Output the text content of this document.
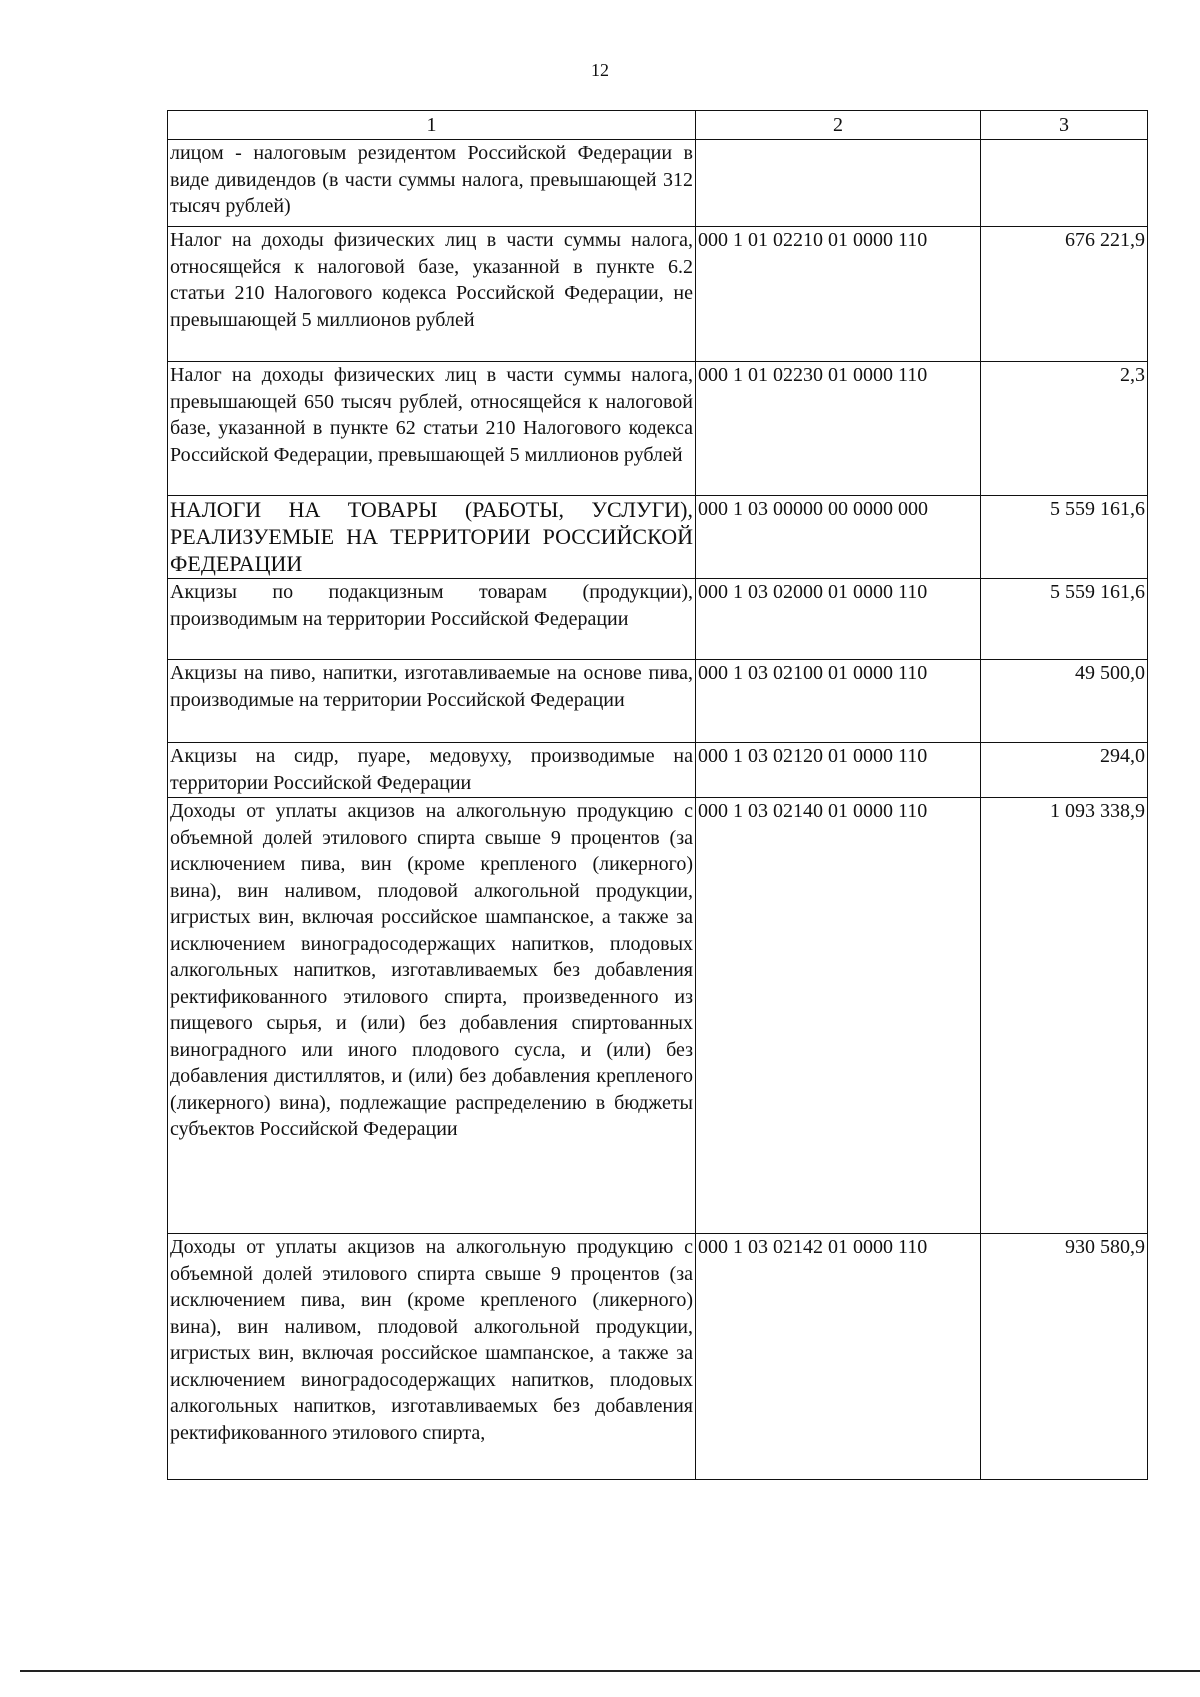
12
1	2	3
лицом - налоговым резидентом Российской Федерации в виде дивидендов (в части суммы налога, превышающей 312 тысяч рублей)		
Налог на доходы физических лиц в части суммы налога, относящейся к налоговой базе, указанной в пункте 6.2 статьи 210 Налогового кодекса Российской Федерации, не превышающей 5 миллионов рублей	000 1 01 02210 01 0000 110	676 221,9
Налог на доходы физических лиц в части суммы налога, превышающей 650 тысяч рублей, относящейся к налоговой базе, указанной в пункте 62 статьи 210 Налогового кодекса Российской Федерации, превышающей 5 миллионов рублей	000 1 01 02230 01 0000 110	2,3
НАЛОГИ НА ТОВАРЫ (РАБОТЫ, УСЛУГИ), РЕАЛИЗУЕМЫЕ НА ТЕРРИТОРИИ РОССИЙСКОЙ ФЕДЕРАЦИИ	000 1 03 00000 00 0000 000	5 559 161,6
Акцизы по подакцизным товарам (продукции), производимым на территории Российской Федерации	000 1 03 02000 01 0000 110	5 559 161,6
Акцизы на пиво, напитки, изготавливаемые на основе пива, производимые на территории Российской Федерации	000 1 03 02100 01 0000 110	49 500,0
Акцизы на сидр, пуаре, медовуху, производимые на территории Российской Федерации	000 1 03 02120 01 0000 110	294,0
Доходы от уплаты акцизов на алкогольную продукцию с объемной долей этилового спирта свыше 9 процентов (за исключением пива, вин (кроме крепленого (ликерного) вина), вин наливом, плодовой алкогольной продукции, игристых вин, включая российское шампанское, а также за исключением виноградосодержащих напитков, плодовых алкогольных напитков, изготавливаемых без добавления ректификованного этилового спирта, произведенного из пищевого сырья, и (или) без добавления спиртованных виноградного или иного плодового сусла, и (или) без добавления дистиллятов, и (или) без добавления крепленого (ликерного) вина), подлежащие распределению в бюджеты субъектов Российской Федерации	000 1 03 02140 01 0000 110	1 093 338,9
Доходы от уплаты акцизов на алкогольную продукцию с объемной долей этилового спирта свыше 9 процентов (за исключением пива, вин (кроме крепленого (ликерного) вина), вин наливом, плодовой алкогольной продукции, игристых вин, включая российское шампанское, а также за исключением виноградосодержащих напитков, плодовых алкогольных напитков, изготавливаемых без добавления ректификованного этилового спирта,	000 1 03 02142 01 0000 110	930 580,9
